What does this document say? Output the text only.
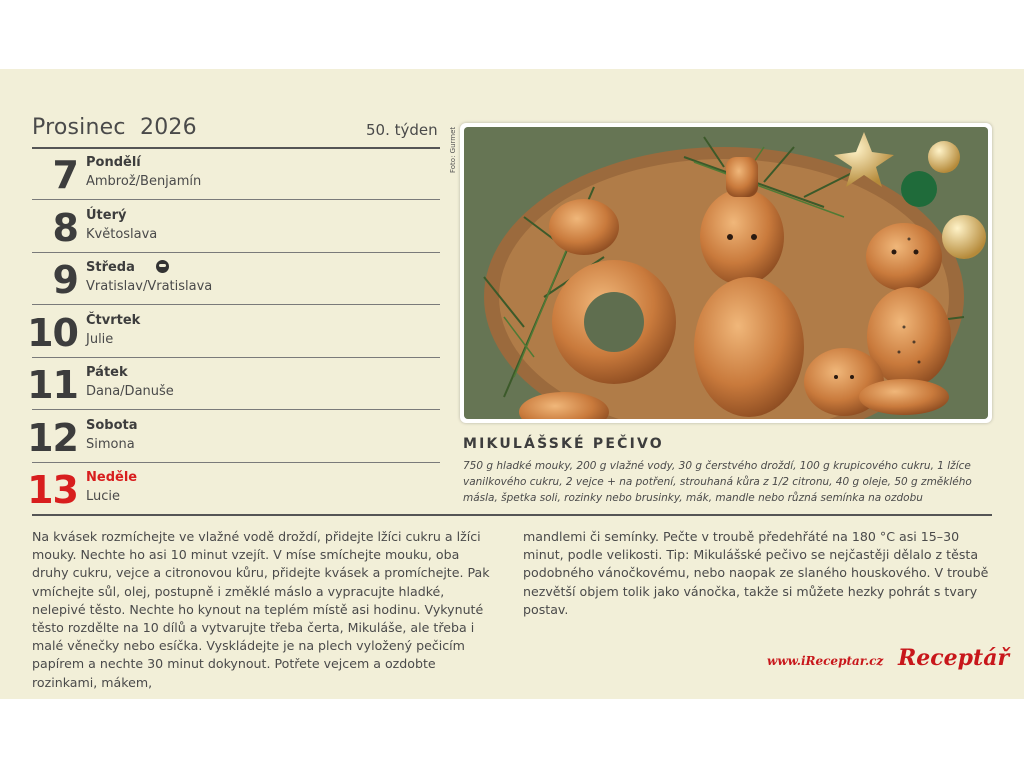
Prosinec  2026	50. týden
7 Pondělí
Ambrož/Benjamín
8 Úterý
Květoslava
9 Středa
Vratislav/Vratislava
10 Čtvrtek
Julie
11 Pátek
Dana/Danuše
12 Sobota
Simona
13 Neděle
Lucie
Foto: Gurmet
MIKULÁŠSKÉ PEČIVO
750 g hladké mouky, 200 g vlažné vody, 30 g čerstvého droždí, 100 g krupicového cukru, 1 lžíce vanilkového cukru, 2 vejce + na potření, strouhaná kůra z 1/2 citronu, 40 g oleje, 50 g změklého másla, špetka soli, rozinky nebo brusinky, mák, mandle nebo různá semínka na ozdobu
Na kvásek rozmíchejte ve vlažné vodě droždí, přidejte lžíci cukru a lžíci mouky. Nechte ho asi 10 minut vzejít. V míse smíchejte mouku, oba druhy cukru, vejce a citronovou kůru, přidejte kvásek a promíchejte. Pak vmíchejte sůl, olej, postupně i změklé máslo a vypracujte hladké, nelepivé těsto. Nechte ho kynout na teplém místě asi hodinu. Vykynuté těsto rozdělte na 10 dílů a vytvarujte třeba čerta, Mikuláše, ale třeba i malé věnečky nebo esíčka. Vyskládejte je na plech vyložený pečicím papírem a nechte 30 minut dokynout. Potřete vejcem a ozdobte rozinkami, mákem,
mandlemi či semínky. Pečte v troubě předehřáté na 180 °C asi 15–30 minut, podle velikosti. Tip: Mikulášské pečivo se nejčastěji dělalo z těsta podobného vánočkovému, nebo naopak ze slaného houskového. V troubě nezvětší objem tolik jako vánočka, takže si můžete hezky pohrát s tvary postav.
www.iReceptar.cz Receptář
